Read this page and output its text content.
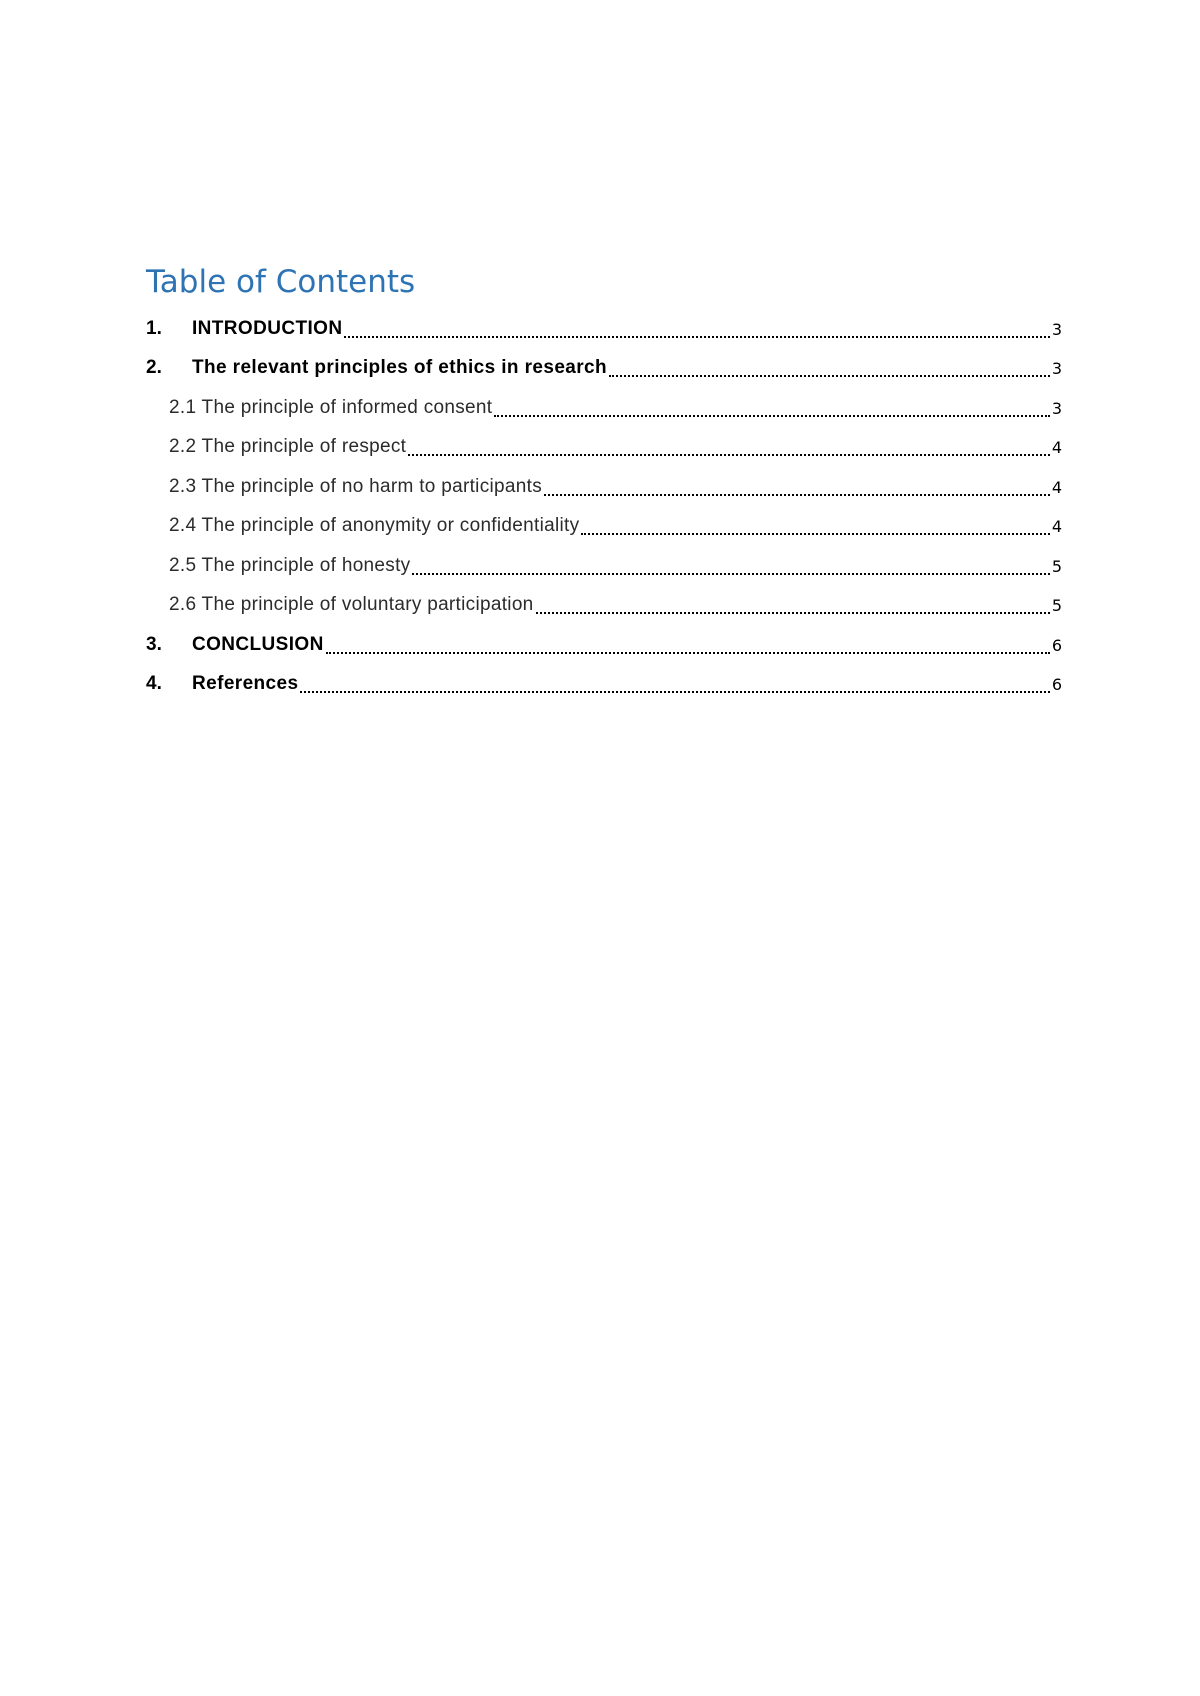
Table of Contents
1.	INTRODUCTION	3
2.	The relevant principles of ethics in research	3
2.1 The principle of informed consent	3
2.2 The principle of respect	4
2.3 The principle of no harm to participants	4
2.4 The principle of anonymity or confidentiality	4
2.5 The principle of honesty	5
2.6 The principle of voluntary participation	5
3.	CONCLUSION	6
4.	References	6
